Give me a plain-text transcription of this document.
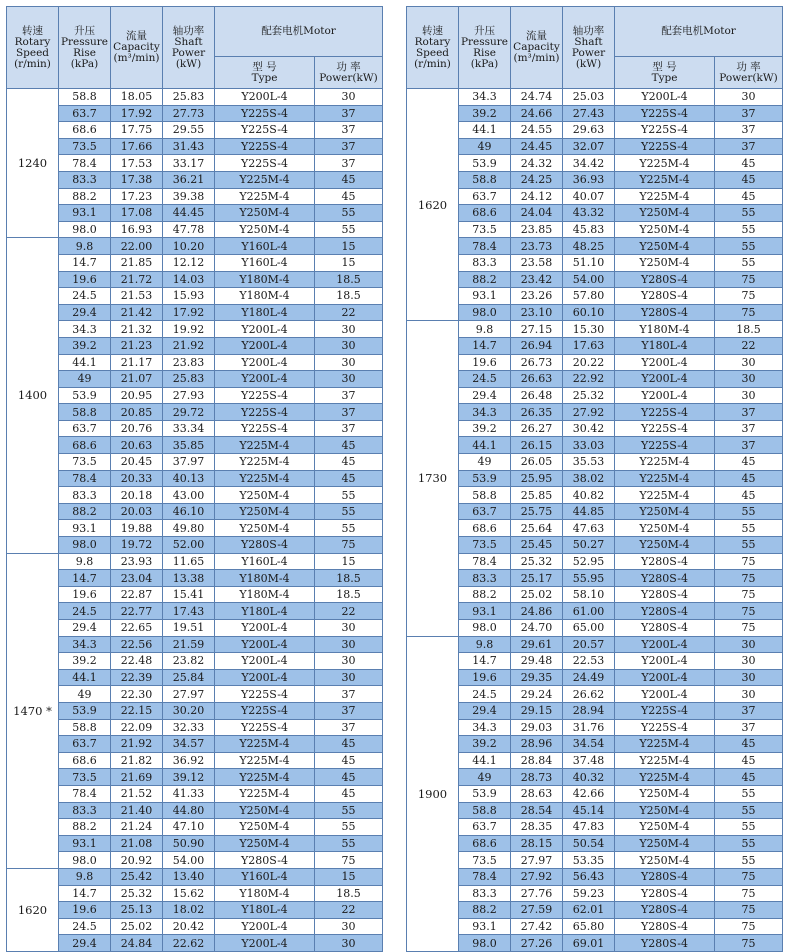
转速
Rotary
Speed
(r/min)	升压
Pressure
Rise
(kPa)	流量
Capacity
(m³/min)	轴功率
Shaft
Power
(kW)	配套电机Motor	
				型 号
Type	功 率
Power(kW)
1240	58.8	18.05	25.83	Y200L-4	30
	63.7	17.92	27.73	Y225S-4	37
	68.6	17.75	29.55	Y225S-4	37
	73.5	17.66	31.43	Y225S-4	37
	78.4	17.53	33.17	Y225S-4	37
	83.3	17.38	36.21	Y225M-4	45
	88.2	17.23	39.38	Y225M-4	45
	93.1	17.08	44.45	Y250M-4	55
	98.0	16.93	47.78	Y250M-4	55
1400	9.8	22.00	10.20	Y160L-4	15
	14.7	21.85	12.12	Y160L-4	15
	19.6	21.72	14.03	Y180M-4	18.5
	24.5	21.53	15.93	Y180M-4	18.5
	29.4	21.42	17.92	Y180L-4	22
	34.3	21.32	19.92	Y200L-4	30
	39.2	21.23	21.92	Y200L-4	30
	44.1	21.17	23.83	Y200L-4	30
	49	21.07	25.83	Y200L-4	30
	53.9	20.95	27.93	Y225S-4	37
	58.8	20.85	29.72	Y225S-4	37
	63.7	20.76	33.34	Y225S-4	37
	68.6	20.63	35.85	Y225M-4	45
	73.5	20.45	37.97	Y225M-4	45
	78.4	20.33	40.13	Y225M-4	45
	83.3	20.18	43.00	Y250M-4	55
	88.2	20.03	46.10	Y250M-4	55
	93.1	19.88	49.80	Y250M-4	55
	98.0	19.72	52.00	Y280S-4	75
1470 *	9.8	23.93	11.65	Y160L-4	15
	14.7	23.04	13.38	Y180M-4	18.5
	19.6	22.87	15.41	Y180M-4	18.5
	24.5	22.77	17.43	Y180L-4	22
	29.4	22.65	19.51	Y200L-4	30
	34.3	22.56	21.59	Y200L-4	30
	39.2	22.48	23.82	Y200L-4	30
	44.1	22.39	25.84	Y200L-4	30
	49	22.30	27.97	Y225S-4	37
	53.9	22.15	30.20	Y225S-4	37
	58.8	22.09	32.33	Y225S-4	37
	63.7	21.92	34.57	Y225M-4	45
	68.6	21.82	36.92	Y225M-4	45
	73.5	21.69	39.12	Y225M-4	45
	78.4	21.52	41.33	Y225M-4	45
	83.3	21.40	44.80	Y250M-4	55
	88.2	21.24	47.10	Y250M-4	55
	93.1	21.08	50.90	Y250M-4	55
	98.0	20.92	54.00	Y280S-4	75
1620	9.8	25.42	13.40	Y160L-4	15
	14.7	25.32	15.62	Y180M-4	18.5
	19.6	25.13	18.02	Y180L-4	22
	24.5	25.02	20.42	Y200L-4	30
	29.4	24.84	22.62	Y200L-4	30
转速
Rotary
Speed
(r/min)	升压
Pressure
Rise
(kPa)	流量
Capacity
(m³/min)	轴功率
Shaft
Power
(kW)	配套电机Motor	
				型 号
Type	功 率
Power(kW)
1620	34.3	24.74	25.03	Y200L-4	30
	39.2	24.66	27.43	Y225S-4	37
	44.1	24.55	29.63	Y225S-4	37
	49	24.45	32.07	Y225S-4	37
	53.9	24.32	34.42	Y225M-4	45
	58.8	24.25	36.93	Y225M-4	45
	63.7	24.12	40.07	Y225M-4	45
	68.6	24.04	43.32	Y250M-4	55
	73.5	23.85	45.83	Y250M-4	55
	78.4	23.73	48.25	Y250M-4	55
	83.3	23.58	51.10	Y250M-4	55
	88.2	23.42	54.00	Y280S-4	75
	93.1	23.26	57.80	Y280S-4	75
	98.0	23.10	60.10	Y280S-4	75
1730	9.8	27.15	15.30	Y180M-4	18.5
	14.7	26.94	17.63	Y180L-4	22
	19.6	26.73	20.22	Y200L-4	30
	24.5	26.63	22.92	Y200L-4	30
	29.4	26.48	25.32	Y200L-4	30
	34.3	26.35	27.92	Y225S-4	37
	39.2	26.27	30.42	Y225S-4	37
	44.1	26.15	33.03	Y225S-4	37
	49	26.05	35.53	Y225M-4	45
	53.9	25.95	38.02	Y225M-4	45
	58.8	25.85	40.82	Y225M-4	45
	63.7	25.75	44.85	Y250M-4	55
	68.6	25.64	47.63	Y250M-4	55
	73.5	25.45	50.27	Y250M-4	55
	78.4	25.32	52.95	Y280S-4	75
	83.3	25.17	55.95	Y280S-4	75
	88.2	25.02	58.10	Y280S-4	75
	93.1	24.86	61.00	Y280S-4	75
	98.0	24.70	65.00	Y280S-4	75
1900	9.8	29.61	20.57	Y200L-4	30
	14.7	29.48	22.53	Y200L-4	30
	19.6	29.35	24.49	Y200L-4	30
	24.5	29.24	26.62	Y200L-4	30
	29.4	29.15	28.94	Y225S-4	37
	34.3	29.03	31.76	Y225S-4	37
	39.2	28.96	34.54	Y225M-4	45
	44.1	28.84	37.48	Y225M-4	45
	49	28.73	40.32	Y225M-4	45
	53.9	28.63	42.66	Y250M-4	55
	58.8	28.54	45.14	Y250M-4	55
	63.7	28.35	47.83	Y250M-4	55
	68.6	28.15	50.54	Y250M-4	55
	73.5	27.97	53.35	Y250M-4	55
	78.4	27.92	56.43	Y280S-4	75
	83.3	27.76	59.23	Y280S-4	75
	88.2	27.59	62.01	Y280S-4	75
	93.1	27.42	65.80	Y280S-4	75
	98.0	27.26	69.01	Y280S-4	75
